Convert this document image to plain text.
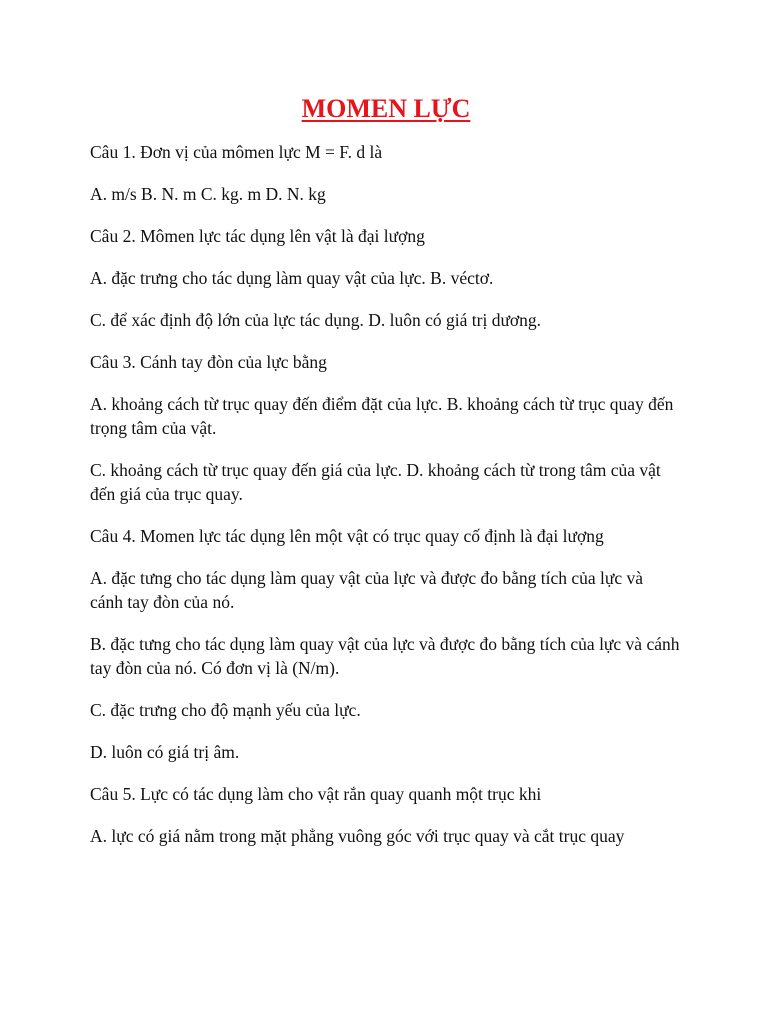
MOMEN LỰC

Câu 1. Đơn vị của mômen lực M = F. d là

A. m/s B. N. m C. kg. m D. N. kg

Câu 2. Mômen lực tác dụng lên vật là đại lượng

A. đặc trưng cho tác dụng làm quay vật của lực. B. véctơ.

C. để xác định độ lớn của lực tác dụng. D. luôn có giá trị dương.

Câu 3. Cánh tay đòn của lực bằng

A. khoảng cách từ trục quay đến điểm đặt của lực. B. khoảng cách từ trục quay đến trọng tâm của vật.

C. khoảng cách từ trục quay đến giá của lực. D. khoảng cách từ trong tâm của vật đến giá của trục quay.

Câu 4. Momen lực tác dụng lên một vật có trục quay cố định là đại lượng

A. đặc tưng cho tác dụng làm quay vật của lực và được đo bằng tích của lực và cánh tay đòn của nó.

B. đặc tưng cho tác dụng làm quay vật của lực và được đo bằng tích của lực và cánh tay đòn của nó. Có đơn vị là (N/m).

C. đặc trưng cho độ mạnh yếu của lực.

D. luôn có giá trị âm.

Câu 5. Lực có tác dụng làm cho vật rắn quay quanh một trục khi

A. lực có giá nằm trong mặt phẳng vuông góc với trục quay và cắt trục quay
